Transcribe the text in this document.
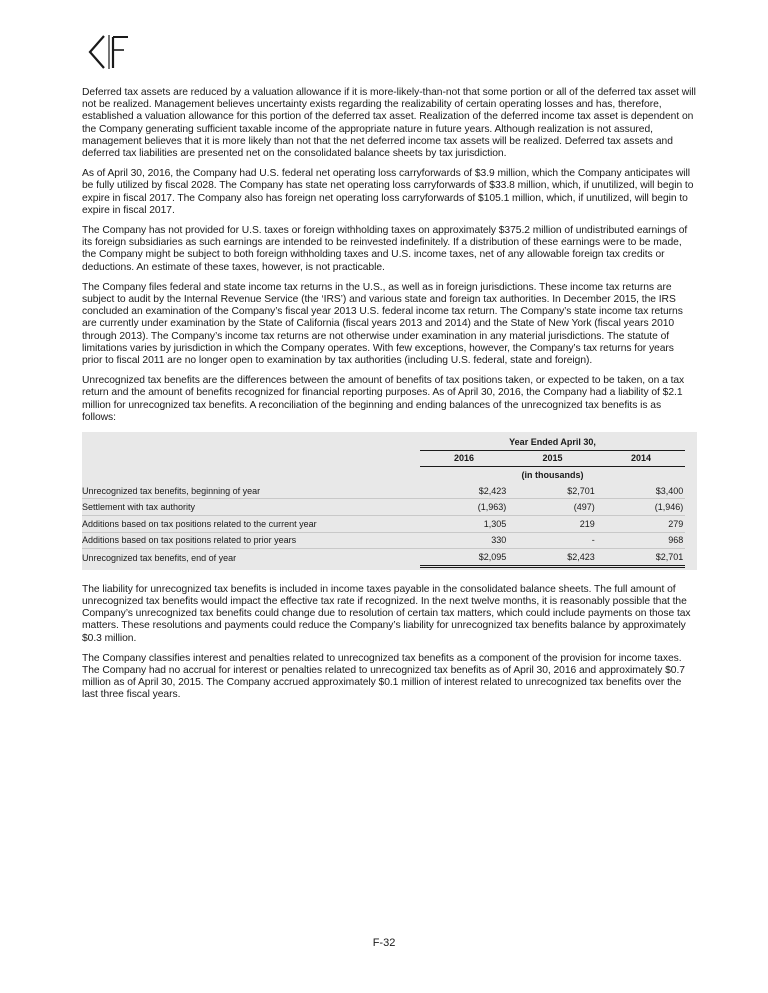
Deferred tax assets are reduced by a valuation allowance if it is more-likely-than-not that some portion or all of the deferred tax asset will not be realized. Management believes uncertainty exists regarding the realizability of certain operating losses and has, therefore, established a valuation allowance for this portion of the deferred tax asset. Realization of the deferred income tax asset is dependent on the Company generating sufficient taxable income of the appropriate nature in future years. Although realization is not assured, management believes that it is more likely than not that the net deferred income tax assets will be realized. Deferred tax assets and deferred tax liabilities are presented net on the consolidated balance sheets by tax jurisdiction.

As of April 30, 2016, the Company had U.S. federal net operating loss carryforwards of $3.9 million, which the Company anticipates will be fully utilized by fiscal 2028. The Company has state net operating loss carryforwards of $33.8 million, which, if unutilized, will begin to expire in fiscal 2017. The Company also has foreign net operating loss carryforwards of $105.1 million, which, if unutilized, will begin to expire in fiscal 2017.

The Company has not provided for U.S. taxes or foreign withholding taxes on approximately $375.2 million of undistributed earnings of its foreign subsidiaries as such earnings are intended to be reinvested indefinitely. If a distribution of these earnings were to be made, the Company might be subject to both foreign withholding taxes and U.S. income taxes, net of any allowable foreign tax credits or deductions. An estimate of these taxes, however, is not practicable.

The Company files federal and state income tax returns in the U.S., as well as in foreign jurisdictions. These income tax returns are subject to audit by the Internal Revenue Service (the ‘IRS’) and various state and foreign tax authorities. In December 2015, the IRS concluded an examination of the Company’s fiscal year 2013 U.S. federal income tax return. The Company’s state income tax returns are currently under examination by the State of California (fiscal years 2013 and 2014) and the State of New York (fiscal years 2010 through 2013). The Company’s income tax returns are not otherwise under examination in any material jurisdictions. The statute of limitations varies by jurisdiction in which the Company operates. With few exceptions, however, the Company’s tax returns for years prior to fiscal 2011 are no longer open to examination by tax authorities (including U.S. federal, state and foreign).

Unrecognized tax benefits are the differences between the amount of benefits of tax positions taken, or expected to be taken, on a tax return and the amount of benefits recognized for financial reporting purposes. As of April 30, 2016, the Company had a liability of $2.1 million for unrecognized tax benefits. A reconciliation of the beginning and ending balances of the unrecognized tax benefits is as follows:

	Year Ended April 30,			
	2016	2015	2014	
	(in thousands)			
Unrecognized tax benefits, beginning of year	$2,423	$2,701	$3,400	
Settlement with tax authority	(1,963)	(497)	(1,946)	
Additions based on tax positions related to the current year	1,305	219	279	
Additions based on tax positions related to prior years	330	-	968	
Unrecognized tax benefits, end of year	$2,095	$2,423	$2,701	

The liability for unrecognized tax benefits is included in income taxes payable in the consolidated balance sheets. The full amount of unrecognized tax benefits would impact the effective tax rate if recognized. In the next twelve months, it is reasonably possible that the Company’s unrecognized tax benefits could change due to resolution of certain tax matters, which could include payments on those tax matters. These resolutions and payments could reduce the Company’s liability for unrecognized tax benefits balance by approximately $0.3 million.

The Company classifies interest and penalties related to unrecognized tax benefits as a component of the provision for income taxes. The Company had no accrual for interest or penalties related to unrecognized tax benefits as of April 30, 2016 and approximately $0.7 million as of April 30, 2015. The Company accrued approximately $0.1 million of interest related to unrecognized tax benefits over the last three fiscal years.

F-32
